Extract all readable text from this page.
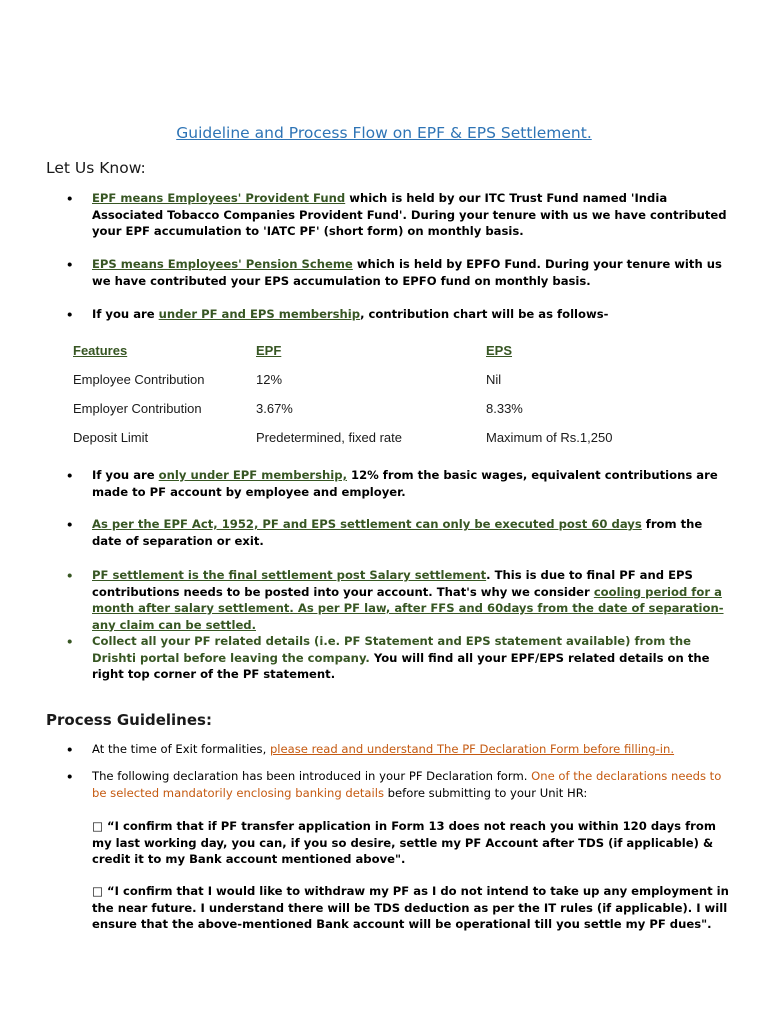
Guideline and Process Flow on EPF & EPS Settlement.
Let Us Know:
• EPF means Employees' Provident Fund which is held by our ITC Trust Fund named 'India Associated Tobacco Companies Provident Fund'. During your tenure with us we have contributed your EPF accumulation to 'IATC PF' (short form) on monthly basis.
• EPS means Employees' Pension Scheme which is held by EPFO Fund. During your tenure with us we have contributed your EPS accumulation to EPFO fund on monthly basis.
• If you are under PF and EPS membership, contribution chart will be as follows-
Features	EPF	EPS
Employee Contribution	12%	Nil
Employer Contribution	3.67%	8.33%
Deposit Limit	Predetermined, fixed rate	Maximum of Rs.1,250
• If you are only under EPF membership, 12% from the basic wages, equivalent contributions are made to PF account by employee and employer.
• As per the EPF Act, 1952, PF and EPS settlement can only be executed post 60 days from the date of separation or exit.
• PF settlement is the final settlement post Salary settlement. This is due to final PF and EPS contributions needs to be posted into your account. That's why we consider cooling period for a month after salary settlement. As per PF law, after FFS and 60days from the date of separation-any claim can be settled.
• Collect all your PF related details (i.e. PF Statement and EPS statement available) from the Drishti portal before leaving the company. You will find all your EPF/EPS related details on the right top corner of the PF statement.
Process Guidelines:
• At the time of Exit formalities, please read and understand The PF Declaration Form before filling-in.
• The following declaration has been introduced in your PF Declaration form. One of the declarations needs to be selected mandatorily enclosing banking details before submitting to your Unit HR:
□ “I confirm that if PF transfer application in Form 13 does not reach you within 120 days from my last working day, you can, if you so desire, settle my PF Account after TDS (if applicable) & credit it to my Bank account mentioned above".
□ “I confirm that I would like to withdraw my PF as I do not intend to take up any employment in the near future. I understand there will be TDS deduction as per the IT rules (if applicable). I will ensure that the above-mentioned Bank account will be operational till you settle my PF dues".
